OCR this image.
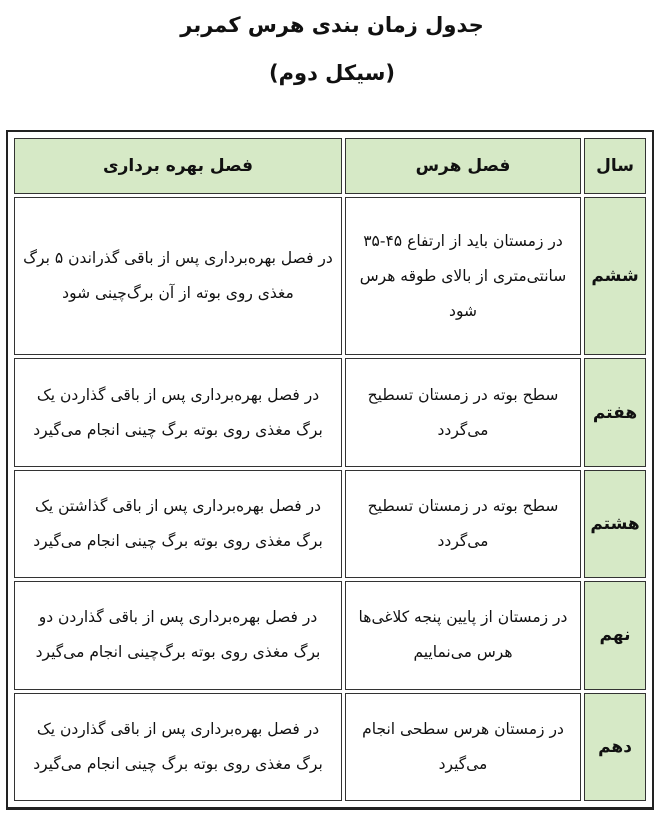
جدول زمان بندی هرس کمربر
(سیکل دوم)
سال	فصل هرس	فصل بهره برداری
ششم	در زمستان باید از ارتفاع ۴۵-۳۵ سانتی‌متری از بالای طوقه هرس شود	در فصل بهره‌برداری پس از باقی گذراندن ۵ برگ مغذی روی بوته از آن برگ‌چینی شود
هفتم	سطح بوته در زمستان تسطیح می‌گردد	در فصل بهره‌برداری پس از باقی گذاردن یک برگ مغذی روی بوته برگ چینی انجام می‌گیرد
هشتم	سطح بوته در زمستان تسطیح می‌گردد	در فصل بهره‌برداری پس از باقی گذاشتن یک برگ مغذی روی بوته برگ چینی انجام می‌گیرد
نهم	در زمستان از پایین پنجه کلاغی‌ها هرس می‌نماییم	در فصل بهره‌برداری پس از باقی گذاردن دو برگ مغذی روی بوته برگ‌چینی انجام می‌گیرد
دهم	در زمستان هرس سطحی انجام می‌گیرد	در فصل بهره‌برداری پس از باقی گذاردن یک برگ مغذی روی بوته برگ چینی انجام می‌گیرد
